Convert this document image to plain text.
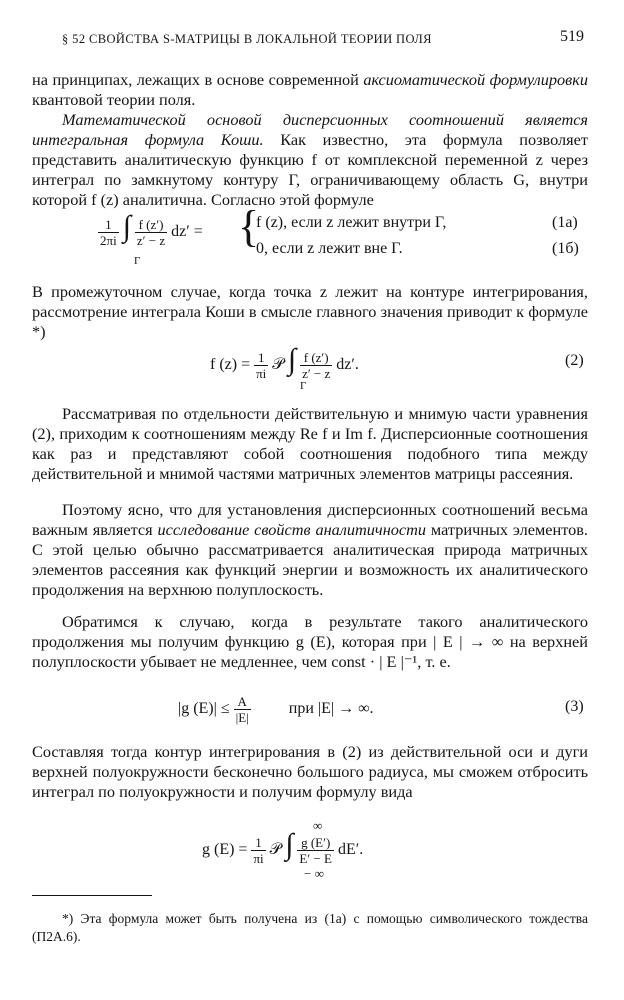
§ 52 СВОЙСТВА S-МАТРИЦЫ В ЛОКАЛЬНОЙ ТЕОРИИ ПОЛЯ	519

на принципах, лежащих в основе современной аксиоматической формулировки квантовой теории поля.

Математической основой дисперсионных соотношений является интегральная формула Коши. Как известно, эта формула позволяет представить аналитическую функцию f от комплексной переменной z через интеграл по замкнутому контуру Г, ограничивающему область G, внутри которой f (z) аналитична. Согласно этой формуле

$\frac{1}{2\pi i}$ ∫ $\frac{f (z')}{z' - z} dz'$ =
Г
{
f (z), если z лежит внутри Г,
0, если z лежит вне Г.
(1а)
(1б)

В промежуточном случае, когда точка z лежит на контуре интегрирования, рассмотрение интеграла Коши в смысле главного значения приводит к формуле *)

f $(z) = \frac{1}{\pi i}$ 𝒫 ∫ $\frac{f (z')}{z' - z} dz'$.
Г
(2)

Рассматривая по отдельности действительную и мнимую части уравнения (2), приходим к соотношениям между Re f и Im f. Дисперсионные соотношения как раз и представляют собой соотношения подобного типа между действительной и мнимой частями матричных элементов матрицы рассеяния.

Поэтому ясно, что для установления дисперсионных соотношений весьма важным является исследование свойств аналитичности матричных элементов. С этой целью обычно рассматривается аналитическая природа матричных элементов рассеяния как функций энергии и возможность их аналитического продолжения на верхнюю полуплоскость.

Обратимся к случаю, когда в результате такого аналитического продолжения мы получим функцию g (E), которая при | E | → ∞ на верхней полуплоскости убывает не медленнее, чем const · | E |⁻¹, т. е.

|g $(E)| \le \frac{A}{|E|}$ при |E| → ∞.	(3)

Составляя тогда контур интегрирования в (2) из действительной оси и дуги верхней полуокружности бесконечно большого радиуса, мы сможем отбросить интеграл по полуокружности и получим формулу вида

∞
g $(E) = \frac{1}{\pi i}$ 𝒫 ∫ $\frac{g (E')}{E' - E} dE'$.
− ∞
*) Эта формула может быть получена из (1а) с помощью символического тождества (П2А.6).
